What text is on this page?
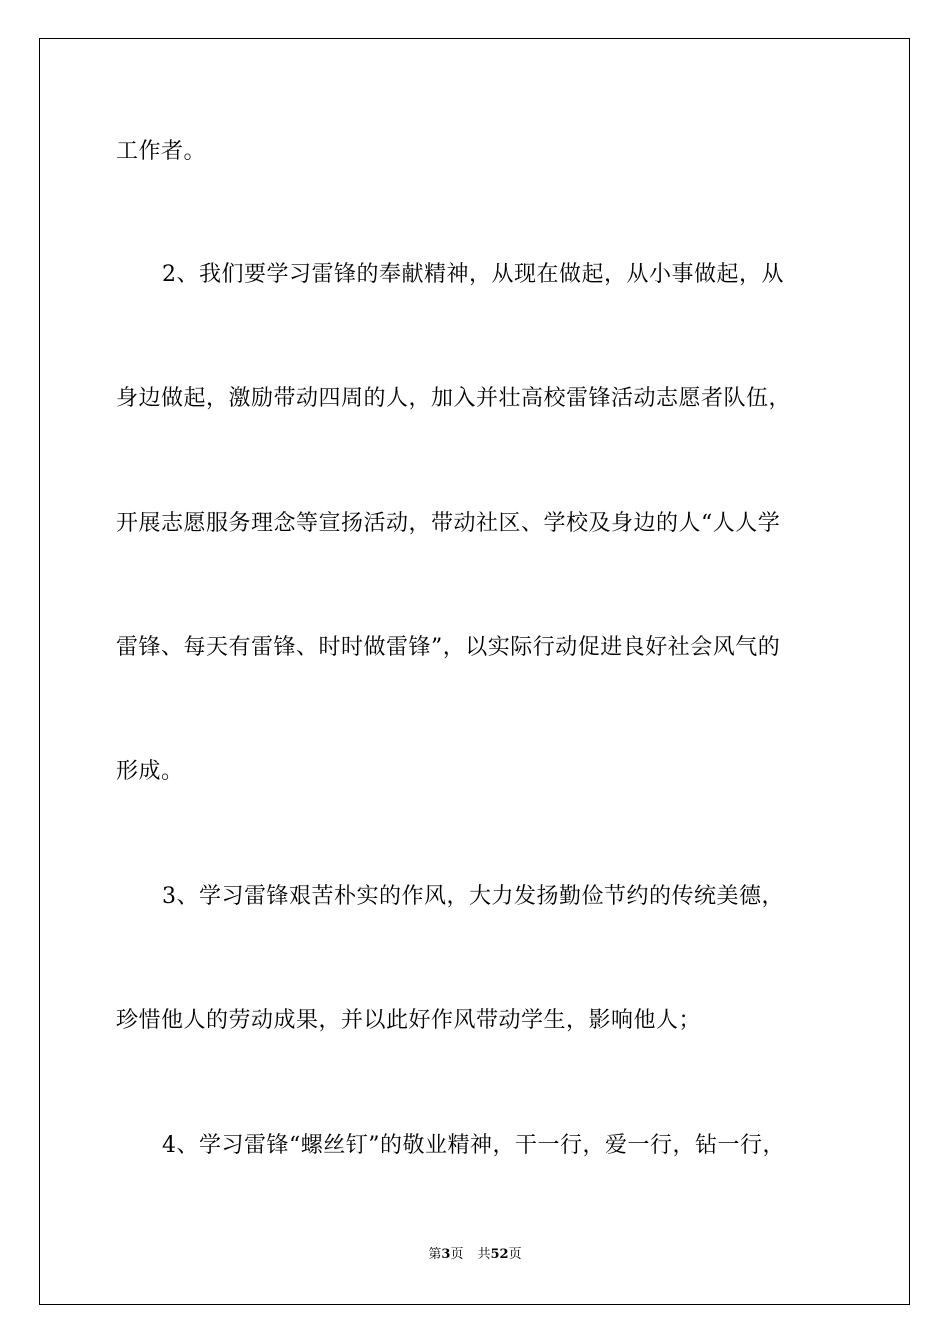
工作者。
2、我们要学习雷锋的奉献精神，从现在做起，从小事做起，从
身边做起，激励带动四周的人，加入并壮高校雷锋活动志愿者队伍，
开展志愿服务理念等宣扬活动，带动社区、学校及身边的人“人人学
雷锋、每天有雷锋、时时做雷锋”，以实际行动促进良好社会风气的
形成。
3、学习雷锋艰苦朴实的作风，大力发扬勤俭节约的传统美德，
珍惜他人的劳动成果，并以此好作风带动学生，影响他人；
4、学习雷锋“螺丝钉”的敬业精神，干一行，爱一行，钻一行，
第3页 共52页
